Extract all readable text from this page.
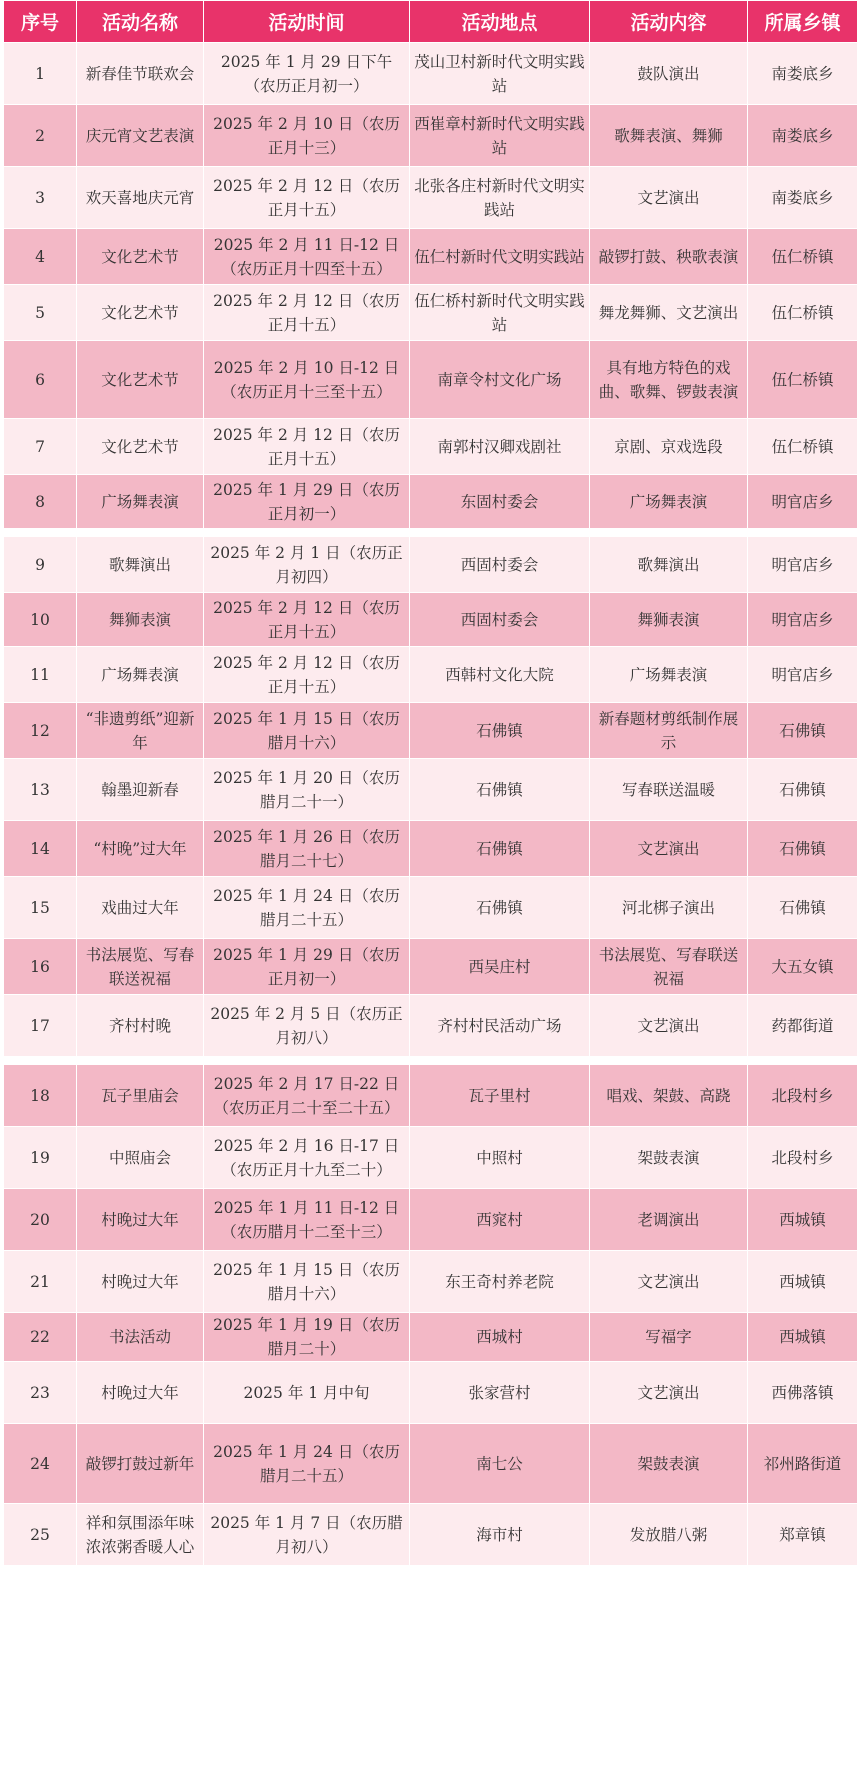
序号	活动名称	活动时间	活动地点	活动内容	所属乡镇
1	新春佳节联欢会	2025 年 1 月 29 日下午（农历正月初一）	茂山卫村新时代文明实践站	鼓队演出	南娄底乡
2	庆元宵文艺表演	2025 年 2 月 10 日（农历正月十三）	西崔章村新时代文明实践站	歌舞表演、舞狮	南娄底乡
3	欢天喜地庆元宵	2025 年 2 月 12 日（农历正月十五）	北张各庄村新时代文明实践站	文艺演出	南娄底乡
4	文化艺术节	2025 年 2 月 11 日-12 日（农历正月十四至十五）	伍仁村新时代文明实践站	敲锣打鼓、秧歌表演	伍仁桥镇
5	文化艺术节	2025 年 2 月 12 日（农历正月十五）	伍仁桥村新时代文明实践站	舞龙舞狮、文艺演出	伍仁桥镇
6	文化艺术节	2025 年 2 月 10 日-12 日（农历正月十三至十五）	南章令村文化广场	具有地方特色的戏曲、歌舞、锣鼓表演	伍仁桥镇
7	文化艺术节	2025 年 2 月 12 日（农历正月十五）	南郭村汉卿戏剧社	京剧、京戏选段	伍仁桥镇
8	广场舞表演	2025 年 1 月 29 日（农历正月初一）	东固村委会	广场舞表演	明官店乡

9	歌舞演出	2025 年 2 月 1 日（农历正月初四）	西固村委会	歌舞演出	明官店乡
10	舞狮表演	2025 年 2 月 12 日（农历正月十五）	西固村委会	舞狮表演	明官店乡
11	广场舞表演	2025 年 2 月 12 日（农历正月十五）	西韩村文化大院	广场舞表演	明官店乡
12	“非遗剪纸”迎新年	2025 年 1 月 15 日（农历腊月十六）	石佛镇	新春题材剪纸制作展示	石佛镇
13	翰墨迎新春	2025 年 1 月 20 日（农历腊月二十一）	石佛镇	写春联送温暖	石佛镇
14	“村晚”过大年	2025 年 1 月 26 日（农历腊月二十七）	石佛镇	文艺演出	石佛镇
15	戏曲过大年	2025 年 1 月 24 日（农历腊月二十五）	石佛镇	河北梆子演出	石佛镇
16	书法展览、写春联送祝福	2025 年 1 月 29 日（农历正月初一）	西吴庄村	书法展览、写春联送祝福	大五女镇
17	齐村村晚	2025 年 2 月 5 日（农历正月初八）	齐村村民活动广场	文艺演出	药都街道

18	瓦子里庙会	2025 年 2 月 17 日-22 日（农历正月二十至二十五）	瓦子里村	唱戏、架鼓、高跷	北段村乡
19	中照庙会	2025 年 2 月 16 日-17 日（农历正月十九至二十）	中照村	架鼓表演	北段村乡
20	村晚过大年	2025 年 1 月 11 日-12 日（农历腊月十二至十三）	西窕村	老调演出	西城镇
21	村晚过大年	2025 年 1 月 15 日（农历腊月十六）	东王奇村养老院	文艺演出	西城镇
22	书法活动	2025 年 1 月 19 日（农历腊月二十）	西城村	写福字	西城镇
23	村晚过大年	2025 年 1 月中旬	张家营村	文艺演出	西佛落镇
24	敲锣打鼓过新年	2025 年 1 月 24 日（农历腊月二十五）	南七公	架鼓表演	祁州路街道
25	祥和氛围添年味 浓浓粥香暖人心	2025 年 1 月 7 日（农历腊月初八）	海市村	发放腊八粥	郑章镇
